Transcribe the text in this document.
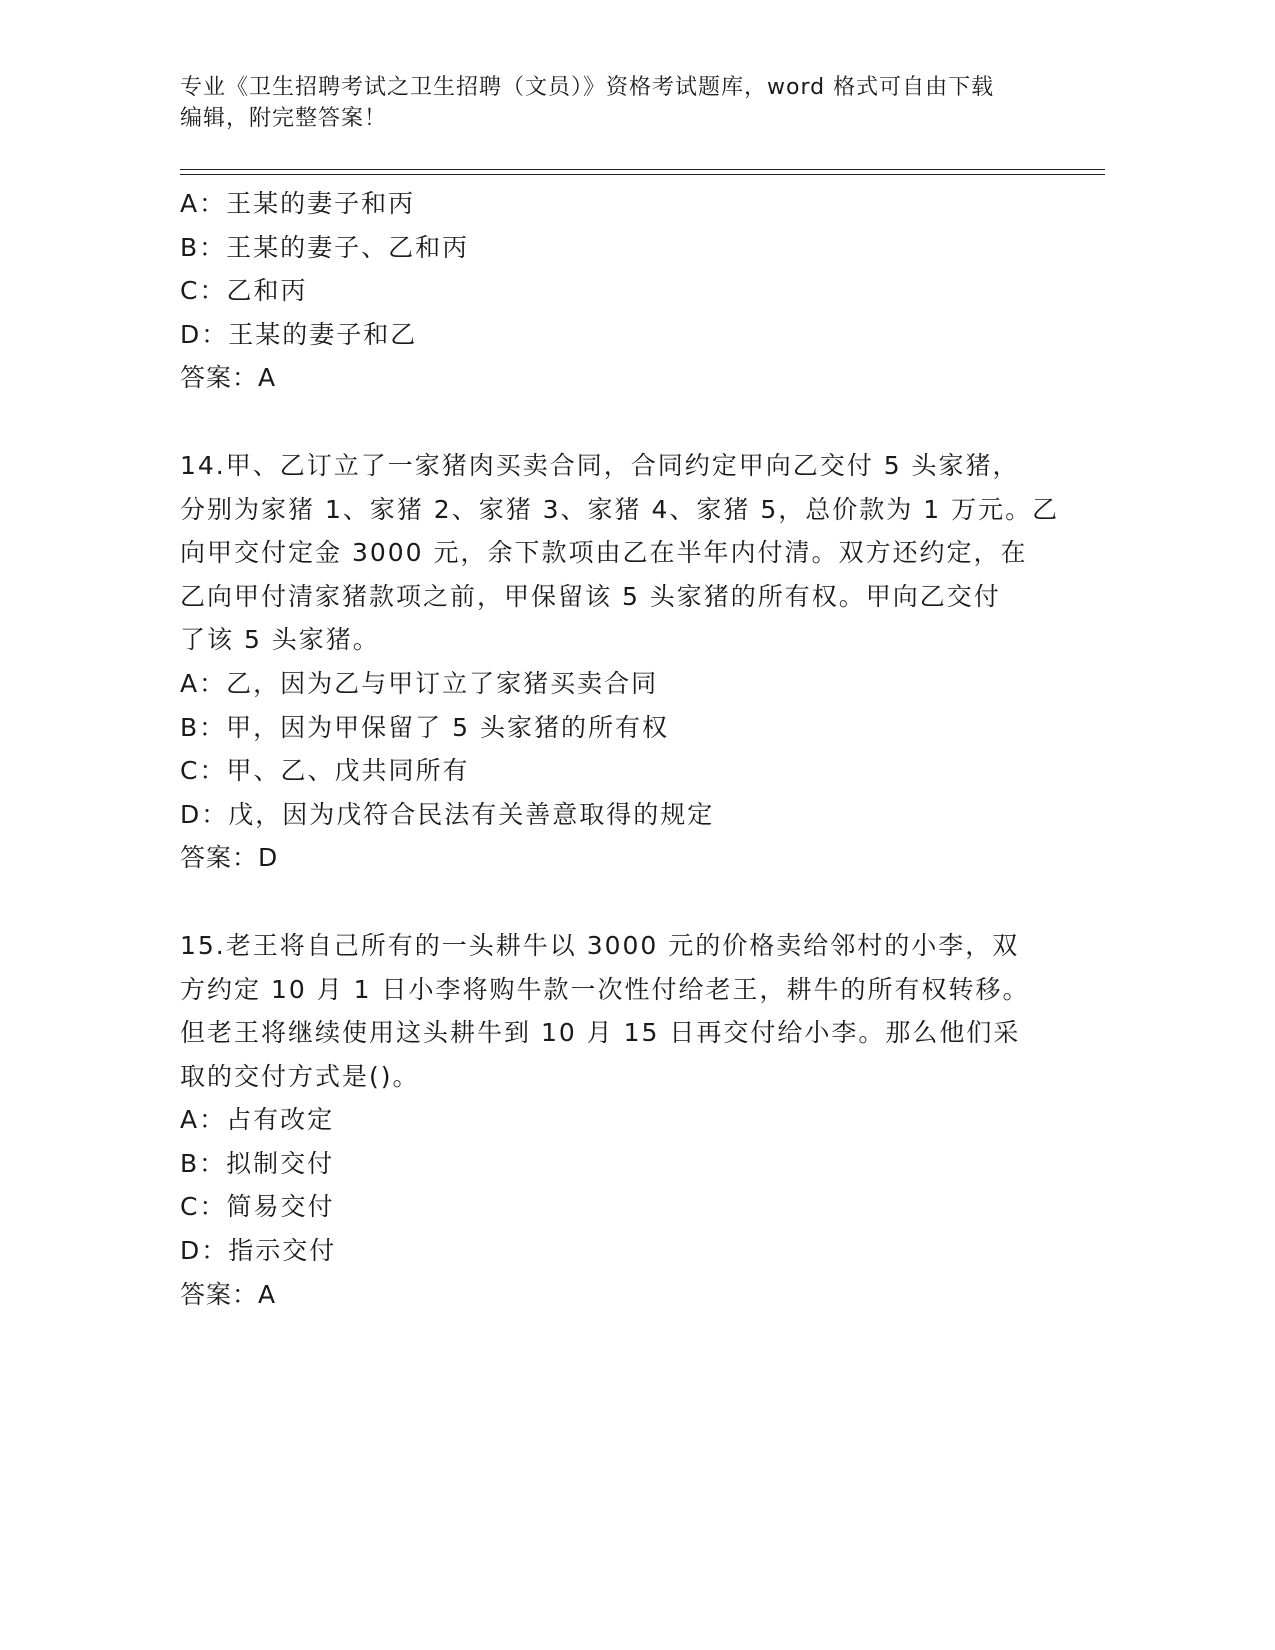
专业《卫生招聘考试之卫生招聘（文员）》资格考试题库，word 格式可自由下载
编辑，附完整答案！
A：王某的妻子和丙
B：王某的妻子、乙和丙
C：乙和丙
D：王某的妻子和乙
答案：A
14.甲、乙订立了一家猪肉买卖合同，合同约定甲向乙交付 5 头家猪，
分别为家猪 1、家猪 2、家猪 3、家猪 4、家猪 5，总价款为 1 万元。乙
向甲交付定金 3000 元，余下款项由乙在半年内付清。双方还约定，在
乙向甲付清家猪款项之前，甲保留该 5 头家猪的所有权。甲向乙交付
了该 5 头家猪。
A：乙，因为乙与甲订立了家猪买卖合同
B：甲，因为甲保留了 5 头家猪的所有权
C：甲、乙、戊共同所有
D：戊，因为戊符合民法有关善意取得的规定
答案：D
15.老王将自己所有的一头耕牛以 3000 元的价格卖给邻村的小李，双
方约定 10 月 1 日小李将购牛款一次性付给老王，耕牛的所有权转移。
但老王将继续使用这头耕牛到 10 月 15 日再交付给小李。那么他们采
取的交付方式是()。
A：占有改定
B：拟制交付
C：简易交付
D：指示交付
答案：A
